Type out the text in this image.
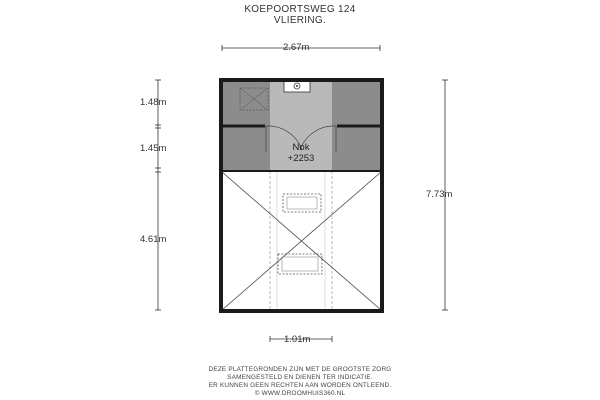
KOEPOORTSWEG 124
VLIERING.
2.67m
1.48m
1.45m
4.61m
7.73m
1.01m
Nok
+2253
DEZE PLATTEGRONDEN ZIJN MET DE GROOTSTE ZORG
SAMENGESTELD EN DIENEN TER INDICATIE.
ER KUNNEN GEEN RECHTEN AAN WORDEN ONTLEEND.
© WWW.DROOMHUIS360.NL
